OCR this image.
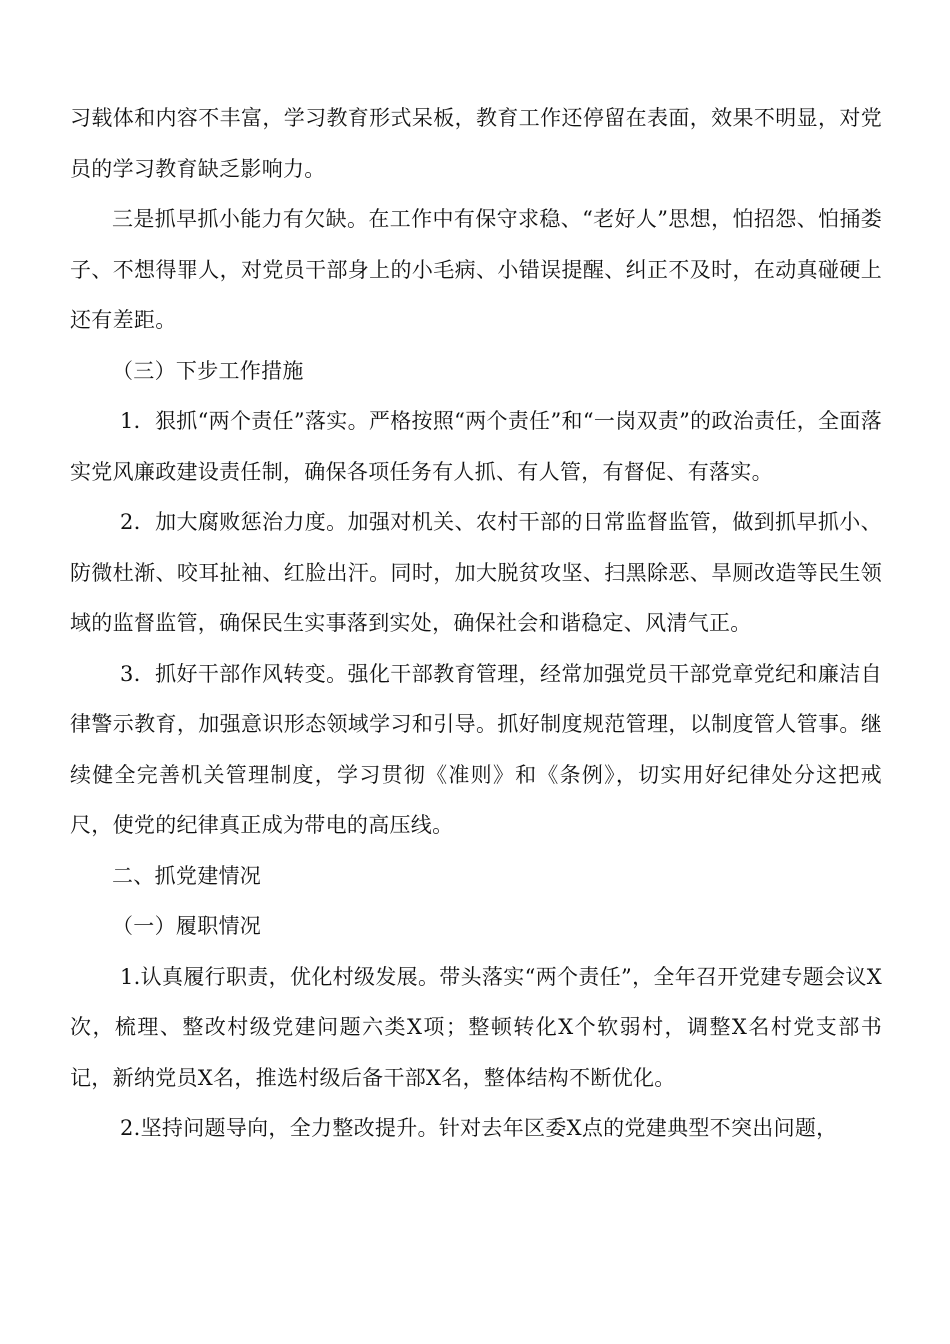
习载体和内容不丰富，学习教育形式呆板，教育工作还停留在表面，效果不明显，对党员的学习教育缺乏影响力。

三是抓早抓小能力有欠缺。在工作中有保守求稳、“老好人”思想，怕招怨、怕捅娄子、不想得罪人，对党员干部身上的小毛病、小错误提醒、纠正不及时，在动真碰硬上还有差距。

（三）下步工作措施

1．狠抓“两个责任”落实。严格按照“两个责任”和“一岗双责”的政治责任，全面落实党风廉政建设责任制，确保各项任务有人抓、有人管，有督促、有落实。

2．加大腐败惩治力度。加强对机关、农村干部的日常监督监管，做到抓早抓小、防微杜渐、咬耳扯袖、红脸出汗。同时，加大脱贫攻坚、扫黑除恶、旱厕改造等民生领域的监督监管，确保民生实事落到实处，确保社会和谐稳定、风清气正。

3．抓好干部作风转变。强化干部教育管理，经常加强党员干部党章党纪和廉洁自律警示教育，加强意识形态领域学习和引导。抓好制度规范管理，以制度管人管事。继续健全完善机关管理制度，学习贯彻《准则》和《条例》，切实用好纪律处分这把戒尺，使党的纪律真正成为带电的高压线。

二、抓党建情况

（一）履职情况

1.认真履行职责，优化村级发展。带头落实“两个责任”，全年召开党建专题会议X次，梳理、整改村级党建问题六类X项；整顿转化X个软弱村，调整X名村党支部书记，新纳党员X名，推选村级后备干部X名，整体结构不断优化。

2.坚持问题导向，全力整改提升。针对去年区委X点的党建典型不突出问题，
